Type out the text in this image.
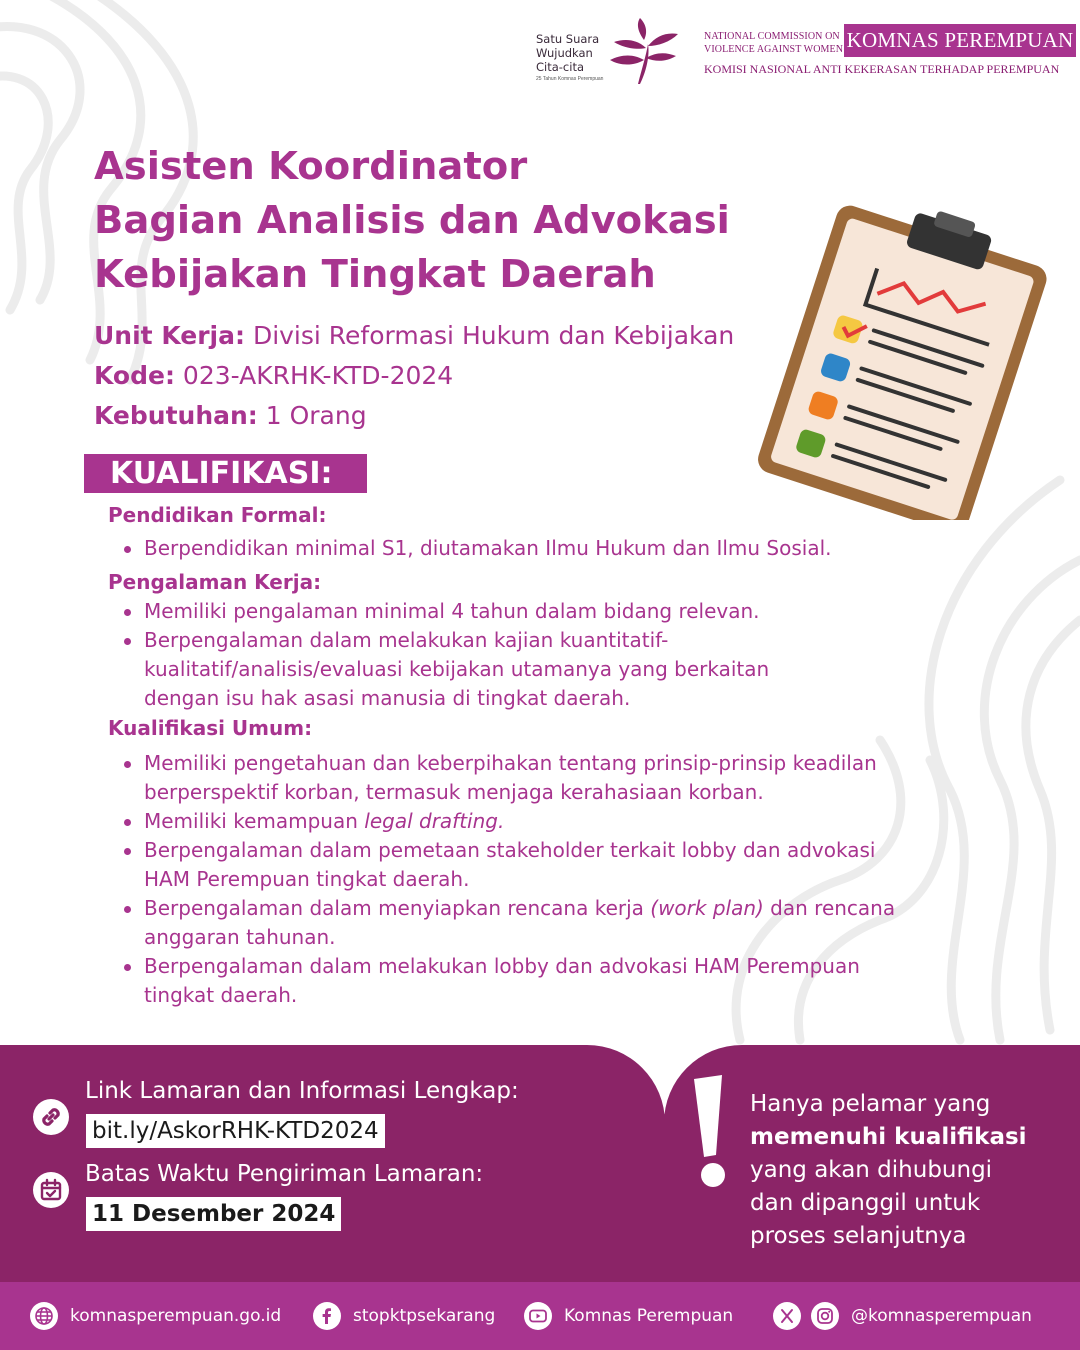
Satu Suara
Wujudkan
Cita-cita
25 Tahun Komnas Perempuan
NATIONAL COMMISSION ON
VIOLENCE AGAINST WOMEN KOMNAS PEREMPUAN
KOMISI NASIONAL ANTI KEKERASAN TERHADAP PEREMPUAN
Asisten Koordinator
Bagian Analisis dan Advokasi
Kebijakan Tingkat Daerah
Unit Kerja: Divisi Reformasi Hukum dan Kebijakan
Kode: 023-AKRHK-KTD-2024
Kebutuhan: 1 Orang
KUALIFIKASI:
Pendidikan Formal:
Berpendidikan minimal S1, diutamakan Ilmu Hukum dan Ilmu Sosial.
Pengalaman Kerja:
Memiliki pengalaman minimal 4 tahun dalam bidang relevan.
Berpengalaman dalam melakukan kajian kuantitatif-
kualitatif/analisis/evaluasi kebijakan utamanya yang berkaitan
dengan isu hak asasi manusia di tingkat daerah.
Kualifikasi Umum:
Memiliki pengetahuan dan keberpihakan tentang prinsip-prinsip keadilan
berperspektif korban, termasuk menjaga kerahasiaan korban.
Memiliki kemampuan legal drafting.
Berpengalaman dalam pemetaan stakeholder terkait lobby dan advokasi
HAM Perempuan tingkat daerah.
Berpengalaman dalam menyiapkan rencana kerja (work plan) dan rencana
anggaran tahunan.
Berpengalaman dalam melakukan lobby dan advokasi HAM Perempuan
tingkat daerah.
Link Lamaran dan Informasi Lengkap:
bit.ly/AskorRHK-KTD2024
Batas Waktu Pengiriman Lamaran:
11 Desember 2024
Hanya pelamar yang
memenuhi kualifikasi
yang akan dihubungi
dan dipanggil untuk
proses selanjutnya
komnasperempuan.go.id	stopktpsekarang	Komnas Perempuan	@komnasperempuan
